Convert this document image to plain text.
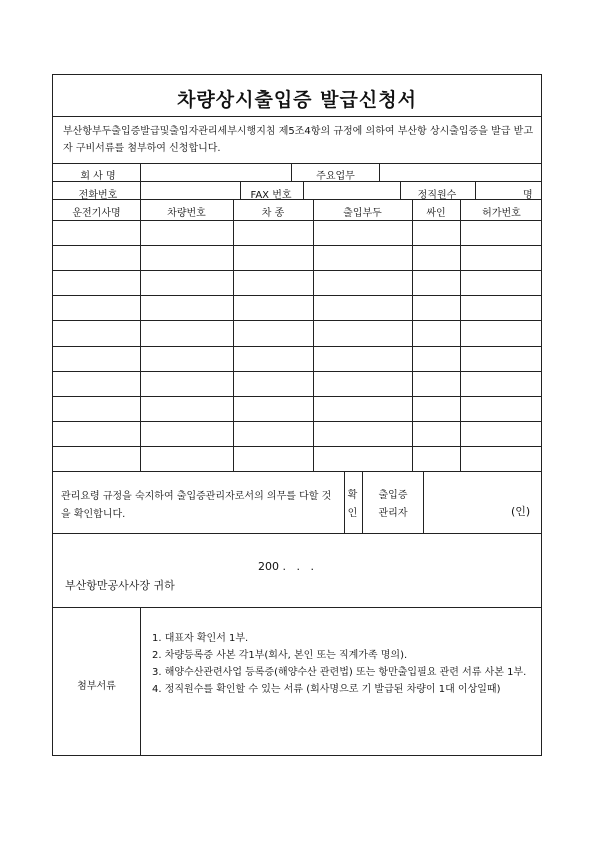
차량상시출입증 발급신청서
부산항부두출입증발급및출입자관리세부시행지침 제5조4항의 규정에 의하여 부산항 상시출입증을 발급 받고자 구비서류를 첨부하여 신청합니다.
회 사 명	주요업무
전화번호	FAX 번호	정직원수	명
운전기사명	차량번호	차 종	출입부두	싸인	허가번호
관리요령 규정을 숙지하여 출입증관리자로서의 의무를 다할 것을 확인합니다.
확
인
출입증
관리자	(인)
200 .   .   .
부산항만공사사장 귀하
첨부서류
1. 대표자 확인서 1부.
2. 차량등록증 사본 각1부(회사, 본인 또는 직계가족 명의).
3. 해양수산관련사업 등록증(해양수산 관련법) 또는 항만출입필요 관련 서류 사본 1부.
4. 정직원수를 확인할 수 있는 서류 (회사명으로 기 발급된 차량이 1대 이상일때)
